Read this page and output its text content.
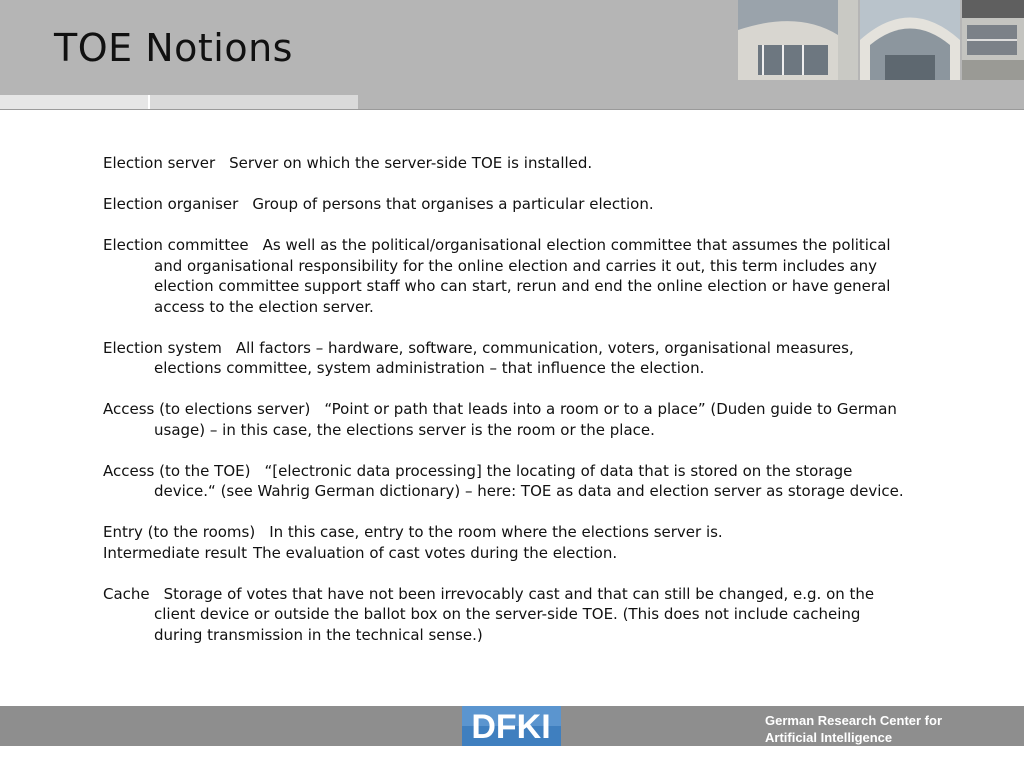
TOE Notions

Election server Server on which the server-side TOE is installed.

Election organiser Group of persons that organises a particular election.

Election committee As well as the political/organisational election committee that assumes the political and organisational responsibility for the online election and carries it out, this term includes any election committee support staff who can start, rerun and end the online election or have general access to the election server.

Election system All factors – hardware, software, communication, voters, organisational measures, elections committee, system administration – that influence the election.

Access (to elections server) “Point or path that leads into a room or to a place” (Duden guide to German usage) – in this case, the elections server is the room or the place.

Access (to the TOE) “[electronic data processing] the locating of data that is stored on the storage device.“ (see Wahrig German dictionary) – here: TOE as data and election server as storage device.

Entry (to the rooms) In this case, entry to the room where the elections server is.

Intermediate result The evaluation of cast votes during the election.

Cache Storage of votes that have not been irrevocably cast and that can still be changed, e.g. on the client device or outside the ballot box on the server-side TOE. (This does not include cacheing during transmission in the technical sense.)

DFKI	German Research Center for
Artificial Intelligence
